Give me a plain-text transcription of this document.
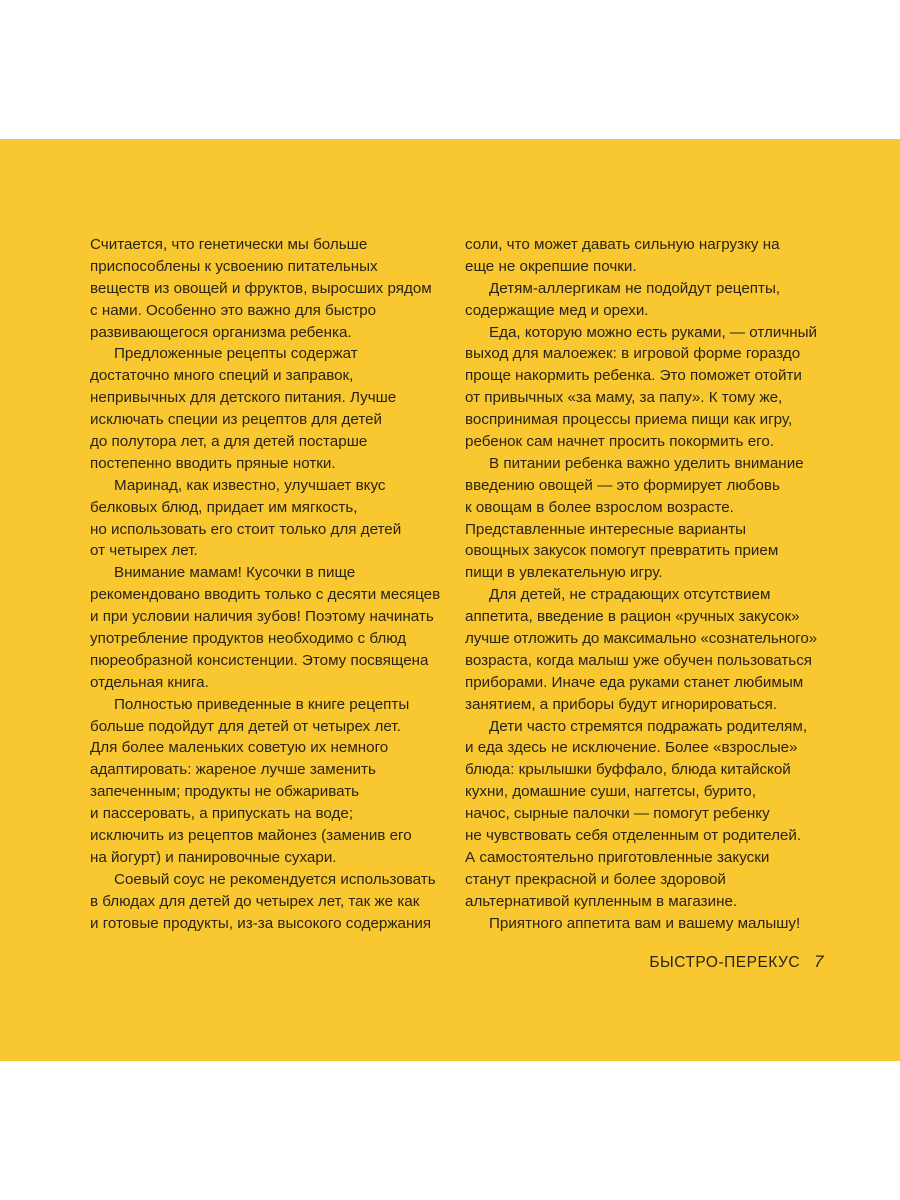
Считается, что генетически мы больше
приспособлены к усвоению питательных
веществ из овощей и фруктов, выросших рядом
с нами. Особенно это важно для быстро
развивающегося организма ребенка.
Предложенные рецепты содержат
достаточно много специй и заправок,
непривычных для детского питания. Лучше
исключать специи из рецептов для детей
до полутора лет, а для детей постарше
постепенно вводить пряные нотки.
Маринад, как известно, улучшает вкус
белковых блюд, придает им мягкость,
но использовать его стоит только для детей
от четырех лет.
Внимание мамам! Кусочки в пище
рекомендовано вводить только с десяти месяцев
и при условии наличия зубов! Поэтому начинать
употребление продуктов необходимо с блюд
пюреобразной консистенции. Этому посвящена
отдельная книга.
Полностью приведенные в книге рецепты
больше подойдут для детей от четырех лет.
Для более маленьких советую их немного
адаптировать: жареное лучше заменить
запеченным; продукты не обжаривать
и пассеровать, а припускать на воде;
исключить из рецептов майонез (заменив его
на йогурт) и панировочные сухари.
Соевый соус не рекомендуется использовать
в блюдах для детей до четырех лет, так же как
и готовые продукты, из-за высокого содержания
соли, что может давать сильную нагрузку на
еще не окрепшие почки.
Детям-аллергикам не подойдут рецепты,
содержащие мед и орехи.
Еда, которую можно есть руками, — отличный
выход для малоежек: в игровой форме гораздо
проще накормить ребенка. Это поможет отойти
от привычных «за маму, за папу». К тому же,
воспринимая процессы приема пищи как игру,
ребенок сам начнет просить покормить его.
В питании ребенка важно уделить внимание
введению овощей — это формирует любовь
к овощам в более взрослом возрасте.
Представленные интересные варианты
овощных закусок помогут превратить прием
пищи в увлекательную игру.
Для детей, не страдающих отсутствием
аппетита, введение в рацион «ручных закусок»
лучше отложить до максимально «сознательного»
возраста, когда малыш уже обучен пользоваться
приборами. Иначе еда руками станет любимым
занятием, а приборы будут игнорироваться.
Дети часто стремятся подражать родителям,
и еда здесь не исключение. Более «взрослые»
блюда: крылышки буффало, блюда китайской
кухни, домашние суши, наггетсы, бурито,
начос, сырные палочки — помогут ребенку
не чувствовать себя отделенным от родителей.
А самостоятельно приготовленные закуски
станут прекрасной и более здоровой
альтернативой купленным в магазине.
Приятного аппетита вам и вашему малышу!
БЫСТРО-ПЕРЕКУС 7
